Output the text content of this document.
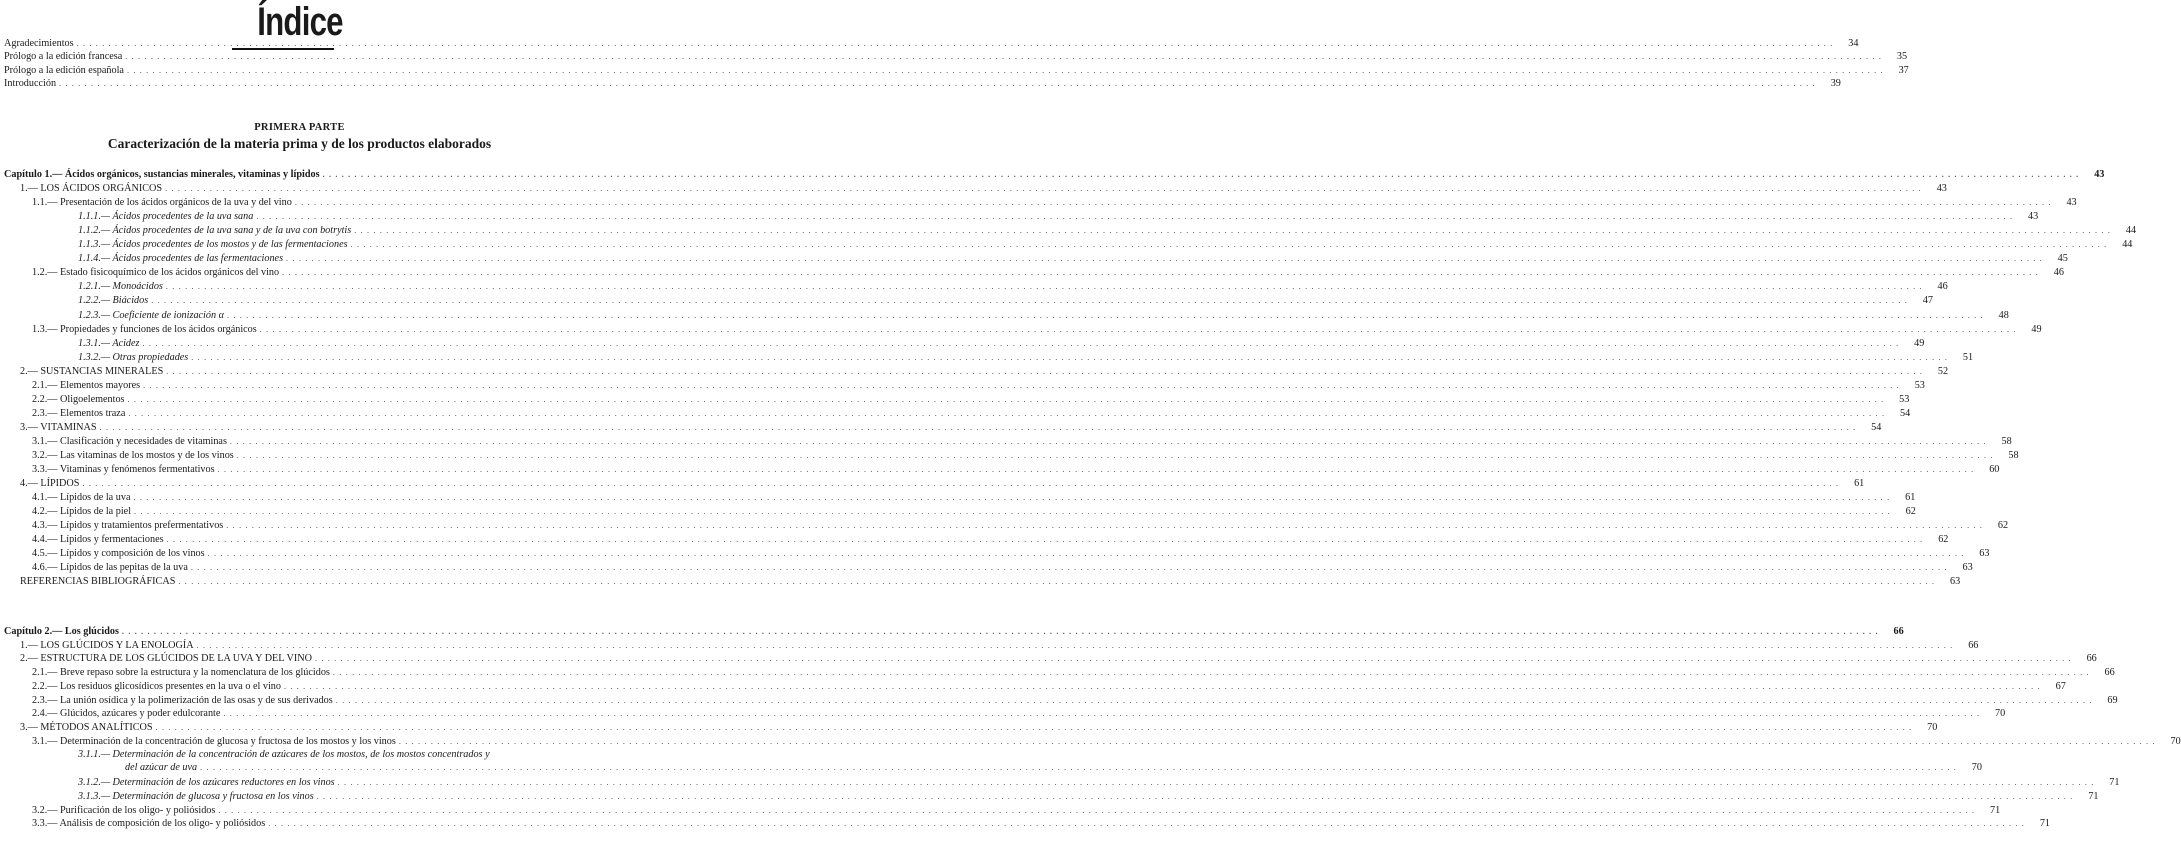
Índice
PRIMERA PARTE
Caracterización de la materia prima y de los productos elaborados
Agradecimientos . . .	34
Prólogo a la edición francesa . . .	35
Prólogo a la edición española . . .	37
Introducción . . .	39
Capítulo 1.— Ácidos orgánicos, sustancias minerales, vitaminas y lípidos . . .	43
1.— LOS ÁCIDOS ORGÁNICOS . . .	43
1.1.— Presentación de los ácidos orgánicos de la uva y del vino . . .	43
1.1.1.— Ácidos procedentes de la uva sana . . .	43
1.1.2.— Ácidos procedentes de la uva sana y de la uva con botrytis . . .	44
1.1.3.— Ácidos procedentes de los mostos y de las fermentaciones . . .	44
1.1.4.— Ácidos procedentes de las fermentaciones . . .	45
1.2.— Estado fisicoquímico de los ácidos orgánicos del vino . . .	46
1.2.1.— Monoácidos . . .	46
1.2.2.— Biácidos . . .	47
1.2.3.— Coeficiente de ionización α . . .	48
1.3.— Propiedades y funciones de los ácidos orgánicos . . .	49
1.3.1.— Acidez . . .	49
1.3.2.— Otras propiedades . . .	51
2.— SUSTANCIAS MINERALES . . .	52
2.1.— Elementos mayores . . .	53
2.2.— Oligoelementos . . .	53
2.3.— Elementos traza . . .	54
3.— VITAMINAS . . .	54
3.1.— Clasificación y necesidades de vitaminas . . .	58
3.2.— Las vitaminas de los mostos y de los vinos . . .	58
3.3.— Vitaminas y fenómenos fermentativos . . .	60
4.— LÍPIDOS . . .	61
4.1.— Lípidos de la uva . . .	61
4.2.— Lípidos de la piel . . .	62
4.3.— Lípidos y tratamientos prefermentativos . . .	62
4.4.— Lípidos y fermentaciones . . .	62
4.5.— Lípidos y composición de los vinos . . .	63
4.6.— Lípidos de las pepitas de la uva . . .	63
REFERENCIAS BIBLIOGRÁFICAS . . .	63
Capítulo 2.— Los glúcidos . . .	66
1.— LOS GLÚCIDOS Y LA ENOLOGÍA . . .	66
2.— ESTRUCTURA DE LOS GLÚCIDOS DE LA UVA Y DEL VINO . . .	66
2.1.— Breve repaso sobre la estructura y la nomenclatura de los glúcidos . . .	66
2.2.— Los residuos glicosídicos presentes en la uva o el vino . . .	67
2.3.— La unión osídica y la polimerización de las osas y de sus derivados . . .	69
2.4.— Glúcidos, azúcares y poder edulcorante . . .	70
3.— MÉTODOS ANALÍTICOS . . .	70
3.1.— Determinación de la concentración de glucosa y fructosa de los mostos y los vinos . . .	70
3.1.1.— Determinación de la concentración de azúcares de los mostos, de los mostos concentrados y
del azúcar de uva . . .	70
3.1.2.— Determinación de los azúcares reductores en los vinos . . .	71
3.1.3.— Determinación de glucosa y fructosa en los vinos . . .	71
3.2.— Purificación de los oligo- y poliósidos . . .	71
3.3.— Análisis de composición de los oligo- y poliósidos . . .	71
